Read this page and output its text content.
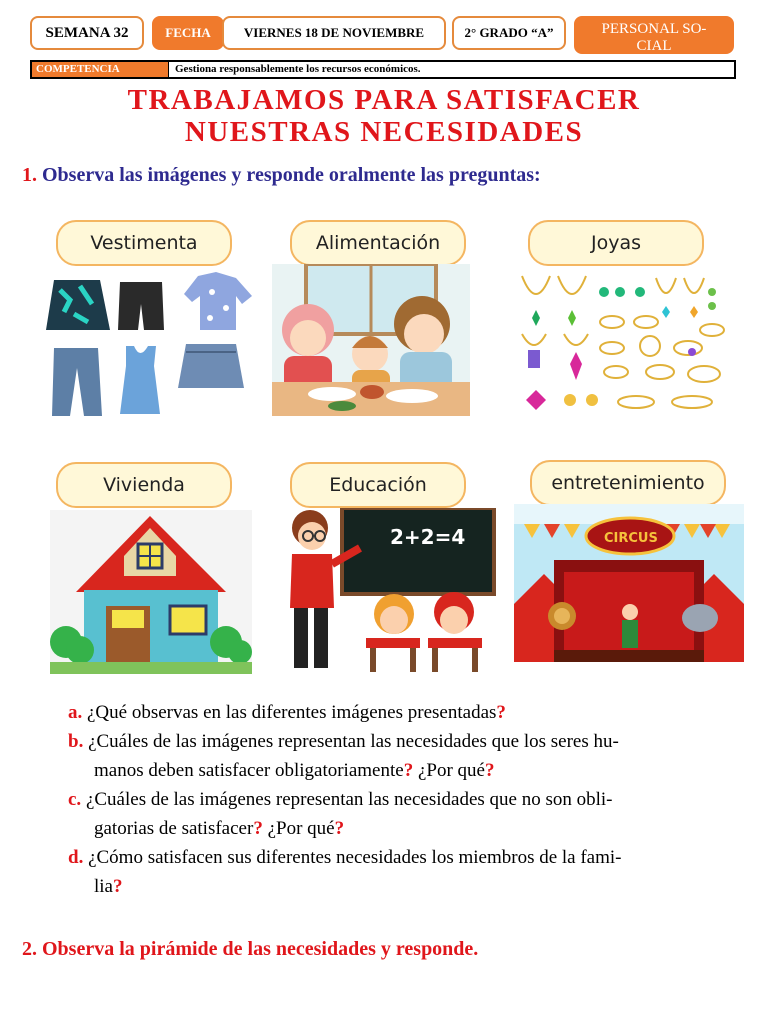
SEMANA 32	FECHA	VIERNES 18 DE NOVIEMBRE	2° GRADO “A”	PERSONAL SO-
CIAL
COMPETENCIA	Gestiona responsablemente los recursos económicos.
TRABAJAMOS PARA SATISFACER
NUESTRAS NECESIDADES
1. Observa las imágenes y responde oralmente las preguntas:
Vestimenta	Alimentación	Joyas
Vivienda	Educación	entretenimiento
2+2=4	CIRCUS
a. ¿Qué observas en las diferentes imágenes presentadas?
b. ¿Cuáles de las imágenes representan las necesidades que los seres hu-
manos deben satisfacer obligatoriamente? ¿Por qué?
c. ¿Cuáles de las imágenes representan las necesidades que no son obli-
gatorias de satisfacer? ¿Por qué?
d. ¿Cómo satisfacen sus diferentes necesidades los miembros de la fami-
lia?
2. Observa la pirámide de las necesidades y responde.
